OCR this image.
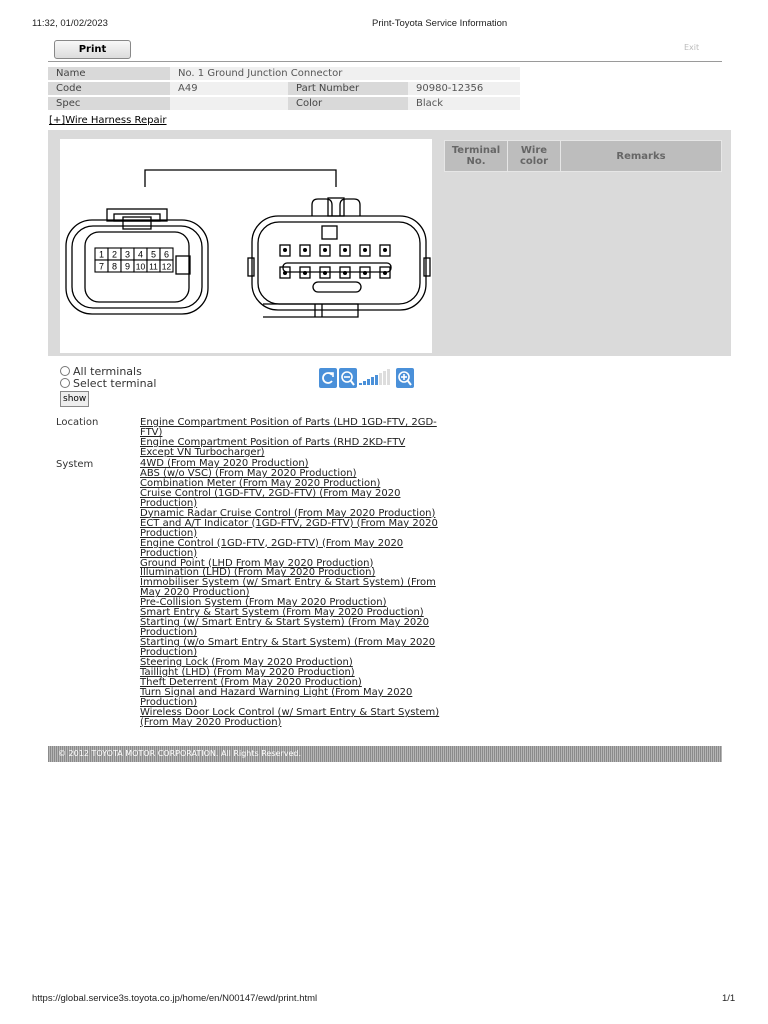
11:32, 01/02/2023	Print-Toyota Service Information
Print	Exit
Name	No. 1 Ground Junction Connector		
Code	A49	Part Number	90980-12356
Spec		Color	Black
[+]Wire Harness Repair
1 2 3 4 5 6
7 8 9 10 11 12
Terminal No.	Wire color	Remarks
All terminals
Select terminal
show
Location	Engine Compartment Position of Parts (LHD 1GD-FTV, 2GD-FTV)
Engine Compartment Position of Parts (RHD 2KD-FTV Except VN Turbocharger)
System	4WD (From May 2020 Production)
ABS (w/o VSC) (From May 2020 Production)
Combination Meter (From May 2020 Production)
Cruise Control (1GD-FTV, 2GD-FTV) (From May 2020 Production)
Dynamic Radar Cruise Control (From May 2020 Production)
ECT and A/T Indicator (1GD-FTV, 2GD-FTV) (From May 2020 Production)
Engine Control (1GD-FTV, 2GD-FTV) (From May 2020 Production)
Ground Point (LHD From May 2020 Production)
Illumination (LHD) (From May 2020 Production)
Immobiliser System (w/ Smart Entry & Start System) (From May 2020 Production)
Pre-Collision System (From May 2020 Production)
Smart Entry & Start System (From May 2020 Production)
Starting (w/ Smart Entry & Start System) (From May 2020 Production)
Starting (w/o Smart Entry & Start System) (From May 2020 Production)
Steering Lock (From May 2020 Production)
Taillight (LHD) (From May 2020 Production)
Theft Deterrent (From May 2020 Production)
Turn Signal and Hazard Warning Light (From May 2020 Production)
Wireless Door Lock Control (w/ Smart Entry & Start System) (From May 2020 Production)
© 2012 TOYOTA MOTOR CORPORATION. All Rights Reserved.
https://global.service3s.toyota.co.jp/home/en/N00147/ewd/print.html	1/1
